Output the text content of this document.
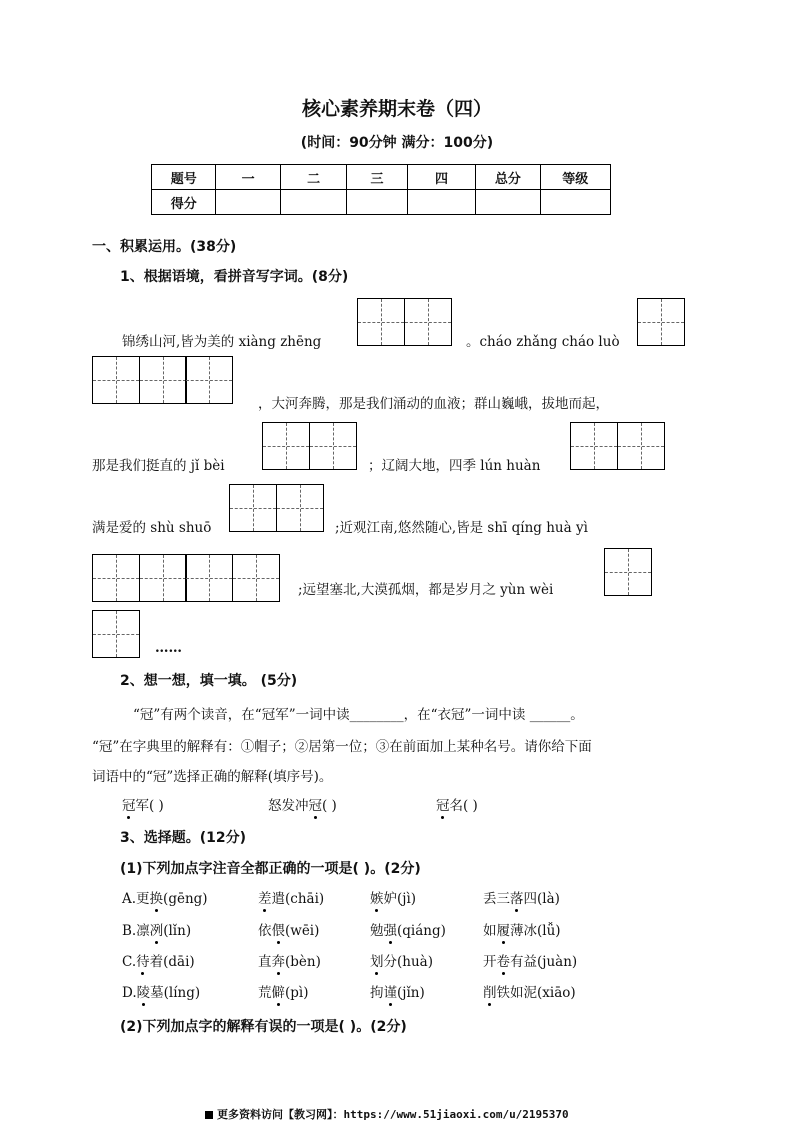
核心素养期末卷（四）
(时间：90分钟 满分：100分)
题号	一	二	三	四	总分	等级
得分						
一、积累运用。(38分)
1、根据语境，看拼音写字词。(8分)
锦绣山河,皆为美的 xiàng zhēng	。cháo zhǎng cháo luò
，大河奔腾，那是我们涌动的血液；群山巍峨，拔地而起，
那是我们挺直的 jǐ bèi	；辽阔大地，四季 lún huàn
满是爱的 shù shuō	;近观江南,悠然随心,皆是 shī qíng huà yì
;远望塞北,大漠孤烟，都是岁月之 yùn wèi
……
2、想一想，填一填。 (5分)
“冠”有两个读音，在“冠军”一词中读________，在“衣冠”一词中读 ______。
“冠”在字典里的解释有：①帽子；②居第一位；③在前面加上某种名号。请你给下面
词语中的“冠”选择正确的解释(填序号)。
冠军( )	怒发冲冠( )	冠名( )
3、选择题。(12分)
(1)下列加点字注音全都正确的一项是( )。(2分)
A.更换(gēng)	差遣(chāi)	嫉妒(jì)	丢三落四(là)
B.凛冽(lǐn)	依偎(wēi)	勉强(qiáng)	如履薄冰(lǚ)
C.待着(dāi)	直奔(bèn)	划分(huà)	开卷有益(juàn)
D.陵墓(líng)	荒僻(pì)	拘谨(jǐn)	削铁如泥(xiāo)
(2)下列加点字的解释有误的一项是( )。(2分)
更多资料访问【教习网】：https://www.51jiaoxi.com/u/2195370
